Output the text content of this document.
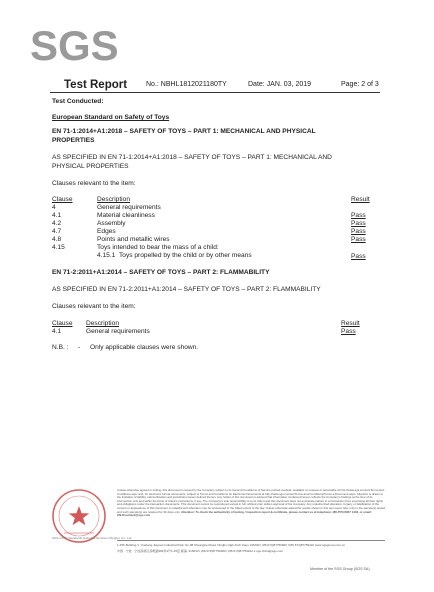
SGS
Test Report	No.: NBHL1812021180TY	Date: JAN. 03, 2019	Page: 2 of 3
Test Conducted:
European Standard on Safety of Toys
EN 71-1:2014+A1:2018 – SAFETY OF TOYS – PART 1: MECHANICAL AND PHYSICAL
PROPERTIES
AS SPECIFIED IN EN 71-1:2014+A1:2018 – SAFETY OF TOYS – PART 1: MECHANICAL AND
PHYSICAL PROPERTIES
Clauses relevant to the item:
Clause	Description	Result
4	General requirements
4.1	Material cleanliness	Pass
4.2	Assembly	Pass
4.7	Edges	Pass
4.8	Points and metallic wires	Pass
4.15	Toys intended to bear the mass of a child:
4.15.1 Toys propelled by the child or by other means	Pass
EN 71-2:2011+A1:2014 – SAFETY OF TOYS – PART 2: FLAMMABILITY
AS SPECIFIED IN EN 71-2:2011+A1:2014 – SAFETY OF TOYS – PART 2: FLAMMABILITY
Clauses relevant to the item:
Clause Description	Result
4.1	General requirements	Pass
N.B. : - Only applicable clauses were shown.
Unless otherwise agreed in writing, this document is issued by the Company subject to its General Conditions of Service printed overleaf, available on request or accessible at http://www.sgs.com/en/Terms-and-Conditions.aspx and, for electronic format documents, subject to Terms and Conditions for Electronic Documents at http://www.sgs.com/en/Terms-and-Conditions/Terms-e-Document.aspx. Attention is drawn to the limitation of liability, indemnification and jurisdiction issues defined therein. Any holder of this document is advised that information contained hereon reflects the Company's findings at the time of its intervention only and within the limits of Client's instructions, if any. The Company's sole responsibility is to its Client and this document does not exonerate parties to a transaction from exercising all their rights and obligations under the transaction documents. This document cannot be reproduced except in full, without prior written approval of the Company. Any unauthorized alteration, forgery or falsification of the content or appearance of this document is unlawful and offenders may be prosecuted to the fullest extent of the law. Unless otherwise stated the results shown in this test report refer only to the sample(s) tested and such sample(s) are retained for 30 days only. Attention: To check the authenticity of testing / inspection report & certificate, please contact us at telephone: (86-755) 8307 1443, or email: CN.Doccheck@sgs.com
1-25F Building 4, Yuebang Jiayuan Industrial Park, No.98 Shuanghe Road, Ningbo High-Tech Zone 315040 t (86-574)87759000 f (86-574)87759222 www.sgsgroup.com.cn
中国 · 宁波 · 宁波高新区扬帆路999弄4号1-25层 邮编: 315040 t (86-574)87759000 f (86-574)87759222 e sgs.china@sgs.com
SGS-CSTC Standards Technical Services (Ningbo) Co., Ltd.
Member of the SGS Group (SGS SA)
